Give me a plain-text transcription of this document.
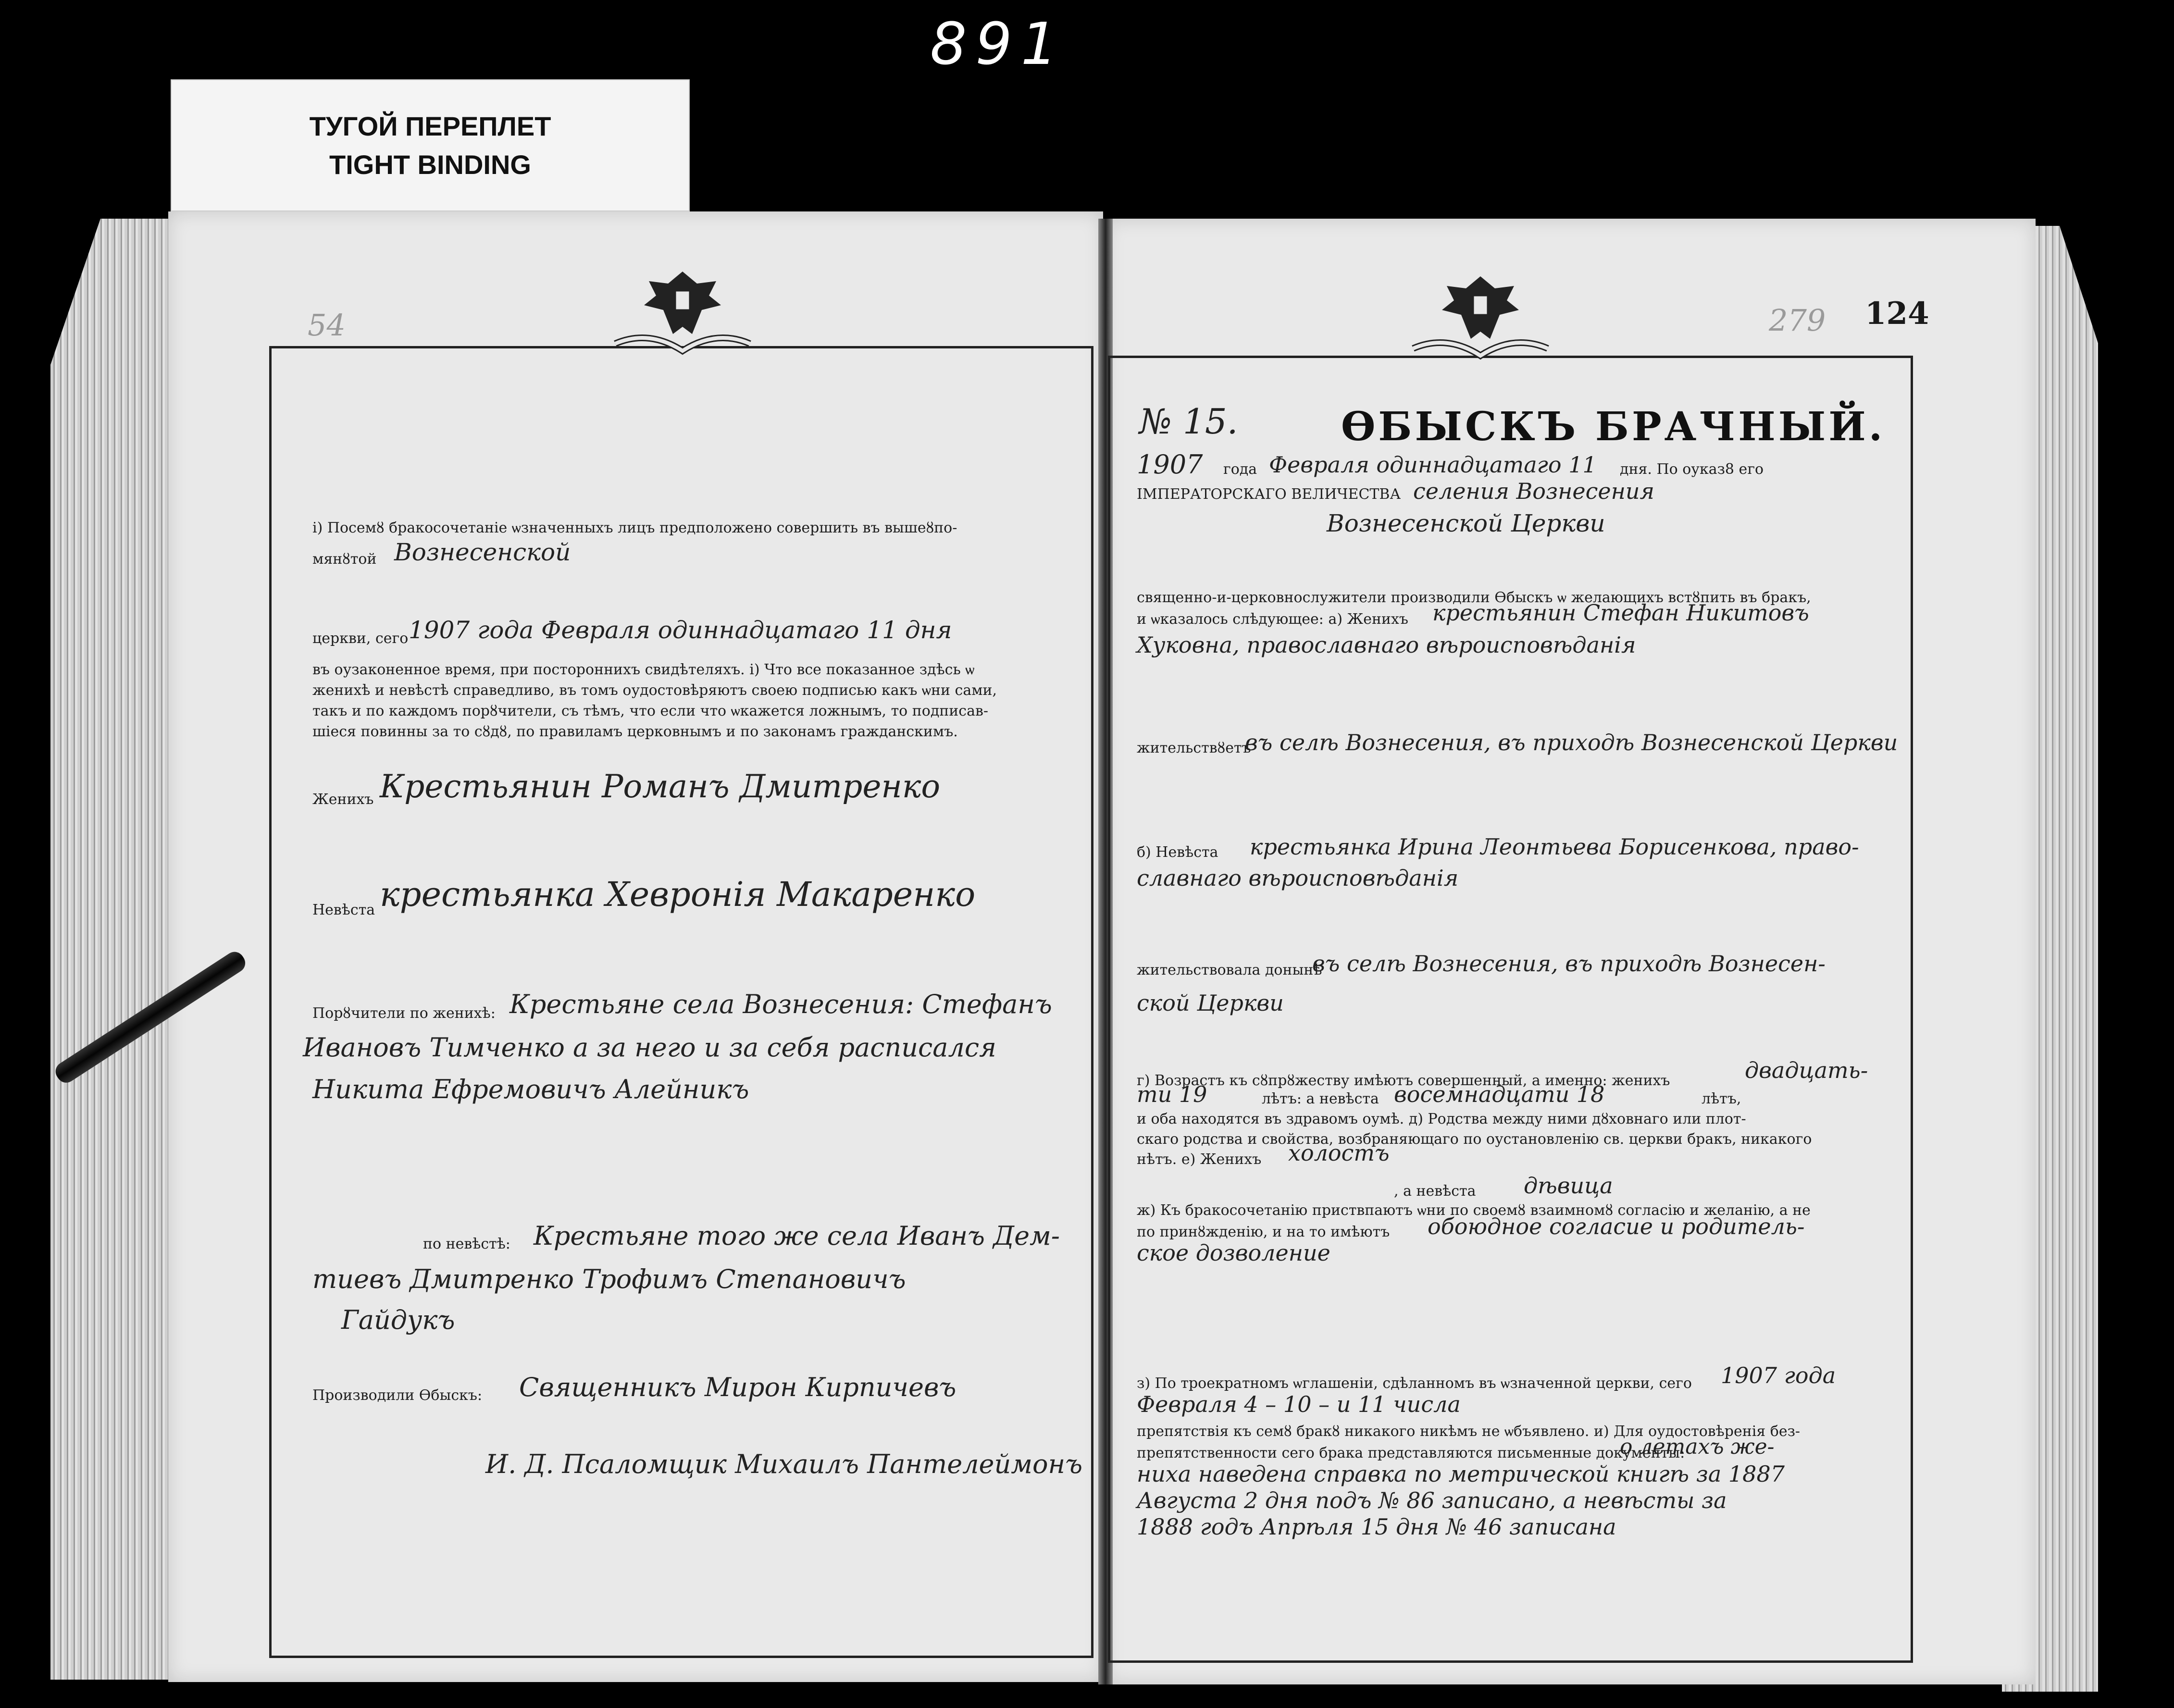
891
ТУГОЙ ПЕРЕПЛЕТ
TIGHT BINDING
54
і) Посемȣ бракосочетаніе ѡзначенныхъ лицъ предположено совершить въ вышеȣпо-
мянȣтой Вознесенской
церкви, сего 1907 года Февраля одиннадцатаго 11 дня
въ оузаконенное время, при постороннихъ свидѣтеляхъ. і) Что все показанное здѣсь ѡ
женихѣ и невѣстѣ справедливо, въ томъ оудостовѣряютъ своею подписью какъ ѡни сами,
такъ и по каждомъ порȣчители, съ тѣмъ, что если что ѡкажется ложнымъ, то подписав-
шіеся повинны за то сȣдȣ, по правиламъ церковнымъ и по законамъ гражданскимъ.
Женихъ Крестьянин Романъ Дмитренко
Невѣста крестьянка Хевронія Макаренко
Порȣчители по женихѣ: Крестьяне села Вознесения: Стефанъ
Ивановъ Тимченко а за него и за себя расписался
Никита Ефремовичъ Алейникъ
по невѣстѣ: Крестьяне того же села Иванъ Дем-
тиевъ Дмитренко Трофимъ Степановичъ
Гайдукъ
Производили Ѳбыскъ: Священникъ Мирон Кирпичевъ
И. Д. Псаломщик Михаилъ Пантелеймонъ
279 124
№ 15.	ѲБЫСКЪ БРАЧНЫЙ.
1907 года Февраля одиннадцатаго 11 дня. По оуказ8 его
ІМПЕРАТОРСКАГО ВЕЛИЧЕСТВА селения Вознесения
Вознесенской Церкви
священно-и-церковнослужители производили Ѳбыскъ ѡ желающихъ встȣпить въ бракъ,
и ѡказалось слѣдующее: а) Женихъ крестьянин Стефан Никитовъ
Хуковна, православнаго вѣроисповѣданія
жительствȣетъ
въ селѣ Вознесения, въ приходѣ Вознесенской Церкви
б) Невѣста крестьянка Ирина Леонтьева Борисенкова, право-
славнаго вѣроисповѣданія
жительствовала донынѣ
въ селѣ Вознесения, въ приходѣ Вознесен-
ской Церкви
г) Возрастъ къ сȣпрȣжеству имѣютъ совершенный, а именно: женихъ	двадцать-
ти 19	лѣтъ: а невѣста восемнадцати 18	лѣтъ,
и оба находятся въ здравомъ оумѣ. д) Родства между ними дȣховнаго или плот-
скаго родства и свойства, возбраняющаго по оустановленію св. церкви бракъ, никакого
нѣтъ. е) Женихъ холостъ
, а невѣста дѣвица
ж) Къ бракосочетанію приствпаютъ ѡни по своемȣ взаимномȣ согласію и желанію, а не
по принȣжденію, и на то имѣютъ обоюдное согласие и родитель-
ское дозволение
з) По троекратномъ ѡглашеніи, сдѣланномъ въ ѡзначенной церкви, сего 1907 года
Февраля 4 – 10 – и 11 числа
препятствія къ семȣ бракȣ никакого никѣмъ не ѡбъявлено. и) Для оудостовѣренія без-
препятственности сего брака представляются письменные документы:
о летахъ же-
ниха наведена справка по метрической книгѣ за 1887
Августа 2 дня подъ № 86 записано, а невѣсты за
1888 годъ Апрѣля 15 дня № 46 записана
